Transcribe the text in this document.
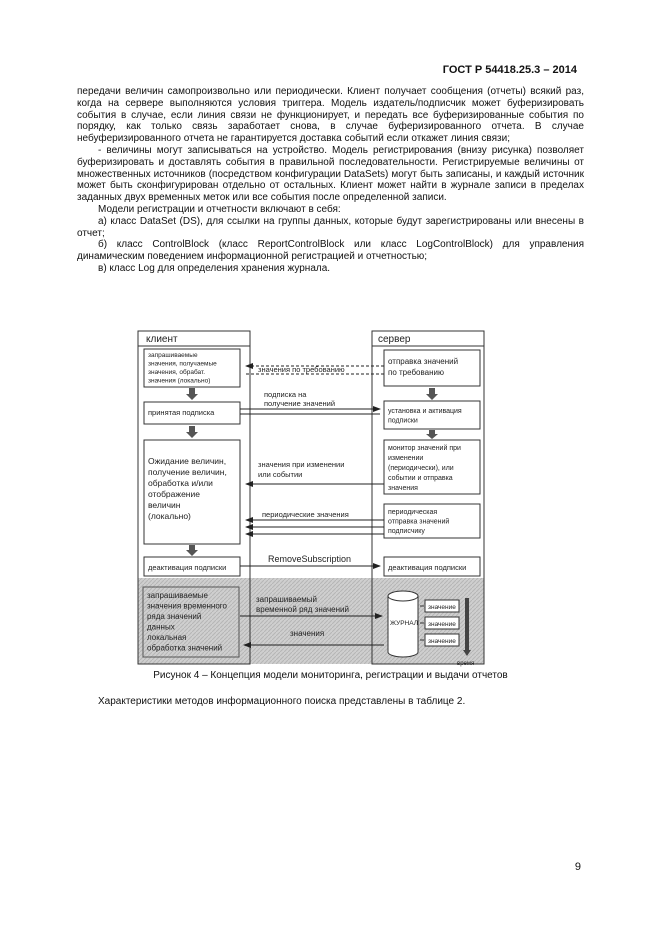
ГОСТ Р 54418.25.3 – 2014

передачи величин самопроизвольно или периодически. Клиент получает сообщения (отчеты) всякий раз, когда на сервере выполняются условия триггера. Модель издатель/подписчик может буферизировать события в случае, если линия связи не функционирует, и передать все буферизированные события по порядку, как только связь заработает снова, в случае буферизированного отчета. В случае небуферизированного отчета не гарантируется доставка событий если откажет линия связи;

- величины могут записываться на устройство. Модель регистрирования (внизу рисунка) позволяет буферизировать и доставлять события в правильной последовательности. Регистрируемые величины от множественных источников (посредством конфигурации DataSets) могут быть записаны, и каждый источник может быть сконфигурирован отдельно от остальных. Клиент может найти в журнале записи в пределах заданных двух временных меток или все события после определенной записи.

Модели регистрации и отчетности включают в себя:

а) класс DataSet (DS), для ссылки на группы данных, которые будут зарегистрированы или внесены в отчет;

б) класс ControlBlock (класс ReportControlBlock или класс LogControlBlock) для управления динамическим поведением информационной регистрацией и отчетностью;

в) класс Log для определения хранения журнала.

клиент	сервер
запрашиваемые
значения, получаемые
значения, обрабат.
значения (локально)
принятая подписка
Ожидание величин,
получение величин,
обработка и/или
отображение
величин
(локально)
деактивация подписки
запрашиваемые
значения временного
ряда значений
данных
локальная
обработка значений
отправка значений
по требованию
установка и активация
подписки
монитор значений при
изменении
(периодически), или
событии и отправка
значения
периодическая
отправка значений
подписчику
деактивация подписки
ЖУРНАЛ
значение
значение
значение
время
значения по требованию
подписка на
получение значений
значения при изменении
или событии
периодические значения
RemoveSubscription
запрашиваемый
временной ряд значений
значения
Рисунок 4 – Концепция модели мониторинга, регистрации и выдачи отчетов
Характеристики методов информационного поиска представлены в таблице 2.
9
